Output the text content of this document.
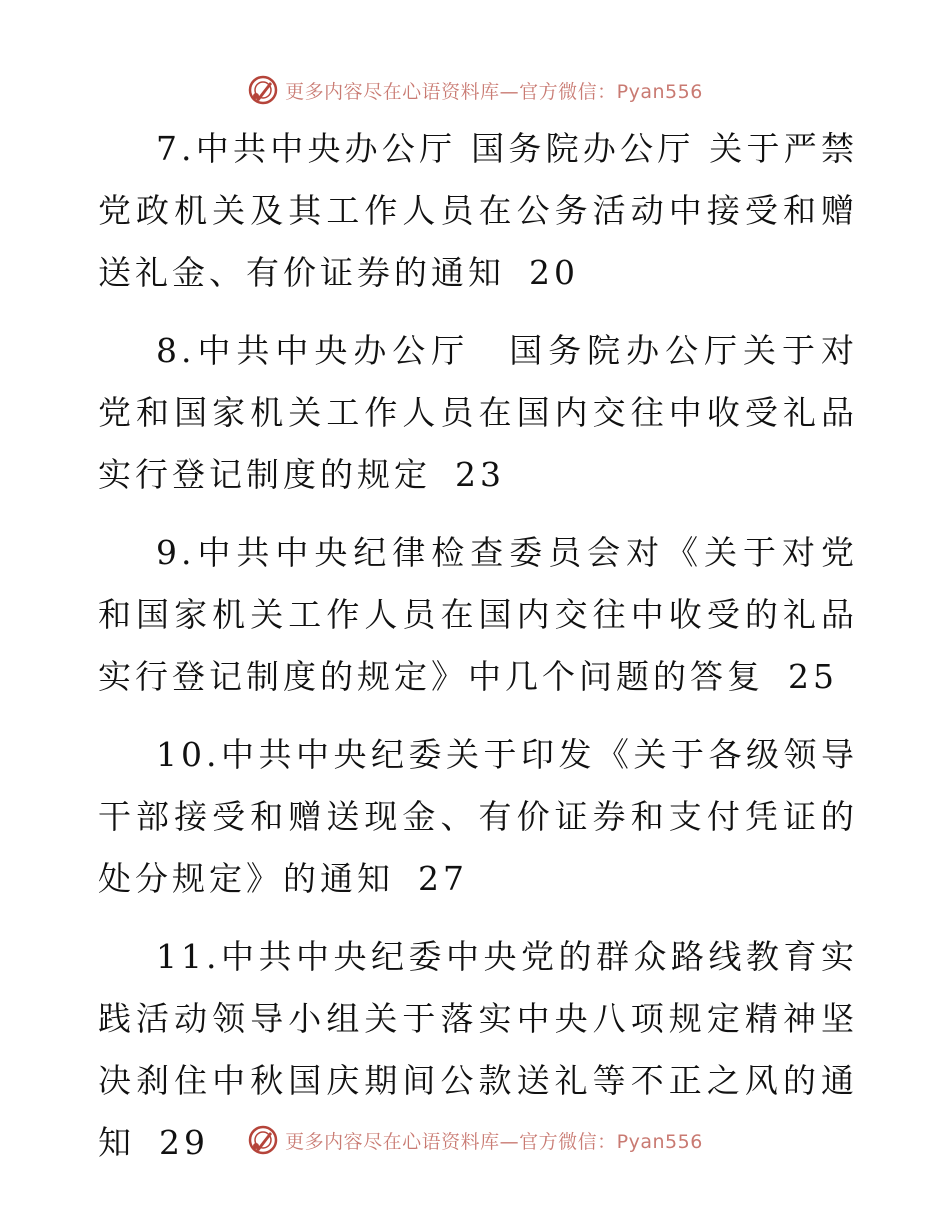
更多内容尽在心语资料库—官方微信：Pyan556

7.中共中央办公厅 国务院办公厅 关于严禁党政机关及其工作人员在公务活动中接受和赠送礼金、有价证券的通知 20

8.中共中央办公厅　国务院办公厅关于对党和国家机关工作人员在国内交往中收受礼品实行登记制度的规定 23

9.中共中央纪律检查委员会对《关于对党和国家机关工作人员在国内交往中收受的礼品实行登记制度的规定》中几个问题的答复 25

10.中共中央纪委关于印发《关于各级领导干部接受和赠送现金、有价证券和支付凭证的处分规定》的通知 27

11.中共中央纪委中央党的群众路线教育实践活动领导小组关于落实中央八项规定精神坚决刹住中秋国庆期间公款送礼等不正之风的通知 29	更多内容尽在心语资料库—官方微信：Pyan556
